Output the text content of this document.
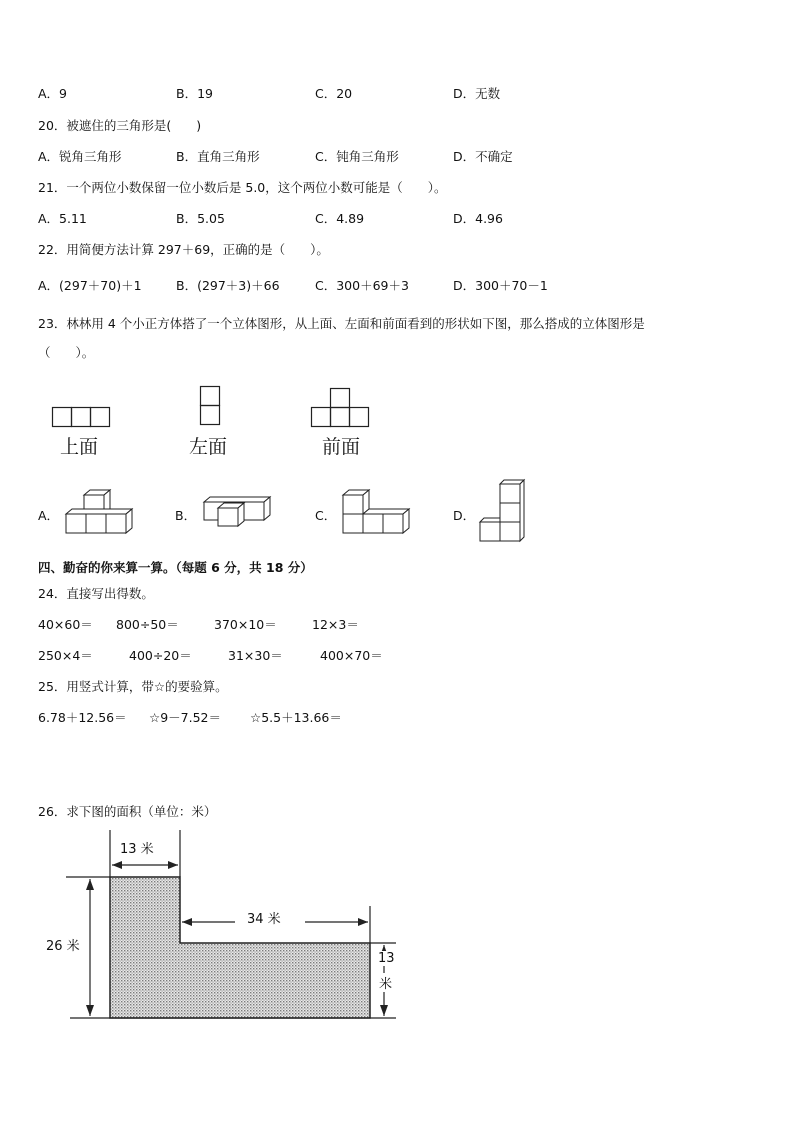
A．9	B．19	C．20	D．无数
20．被遮住的三角形是(　　)
A．锐角三角形	B．直角三角形	C．钝角三角形	D．不确定
21．一个两位小数保留一位小数后是 5.0，这个两位小数可能是（　　）。
A．5.11	B．5.05	C．4.89	D．4.96
22．用简便方法计算 297＋69，正确的是（　　）。
A．(297＋70)＋1	B．(297＋3)＋66	C．300＋69＋3	D．300＋70－1
23．林林用 4 个小正方体搭了一个立体图形，从上面、左面和前面看到的形状如下图，那么搭成的立体图形是
（　　）。
上面	左面	前面
A．	B．	C．	D．
四、勤奋的你来算一算。（每题 6 分，共 18 分）
24．直接写出得数。
40×60＝ 800÷50＝	370×10＝	12×3＝
250×4＝	400÷20＝	31×30＝	400×70＝
25．用竖式计算，带☆的要验算。
6.78＋12.56＝ ☆9－7.52＝ ☆5.5＋13.66＝
26．求下图的面积（单位：米）
13 米
34 米
26 米
13
米
